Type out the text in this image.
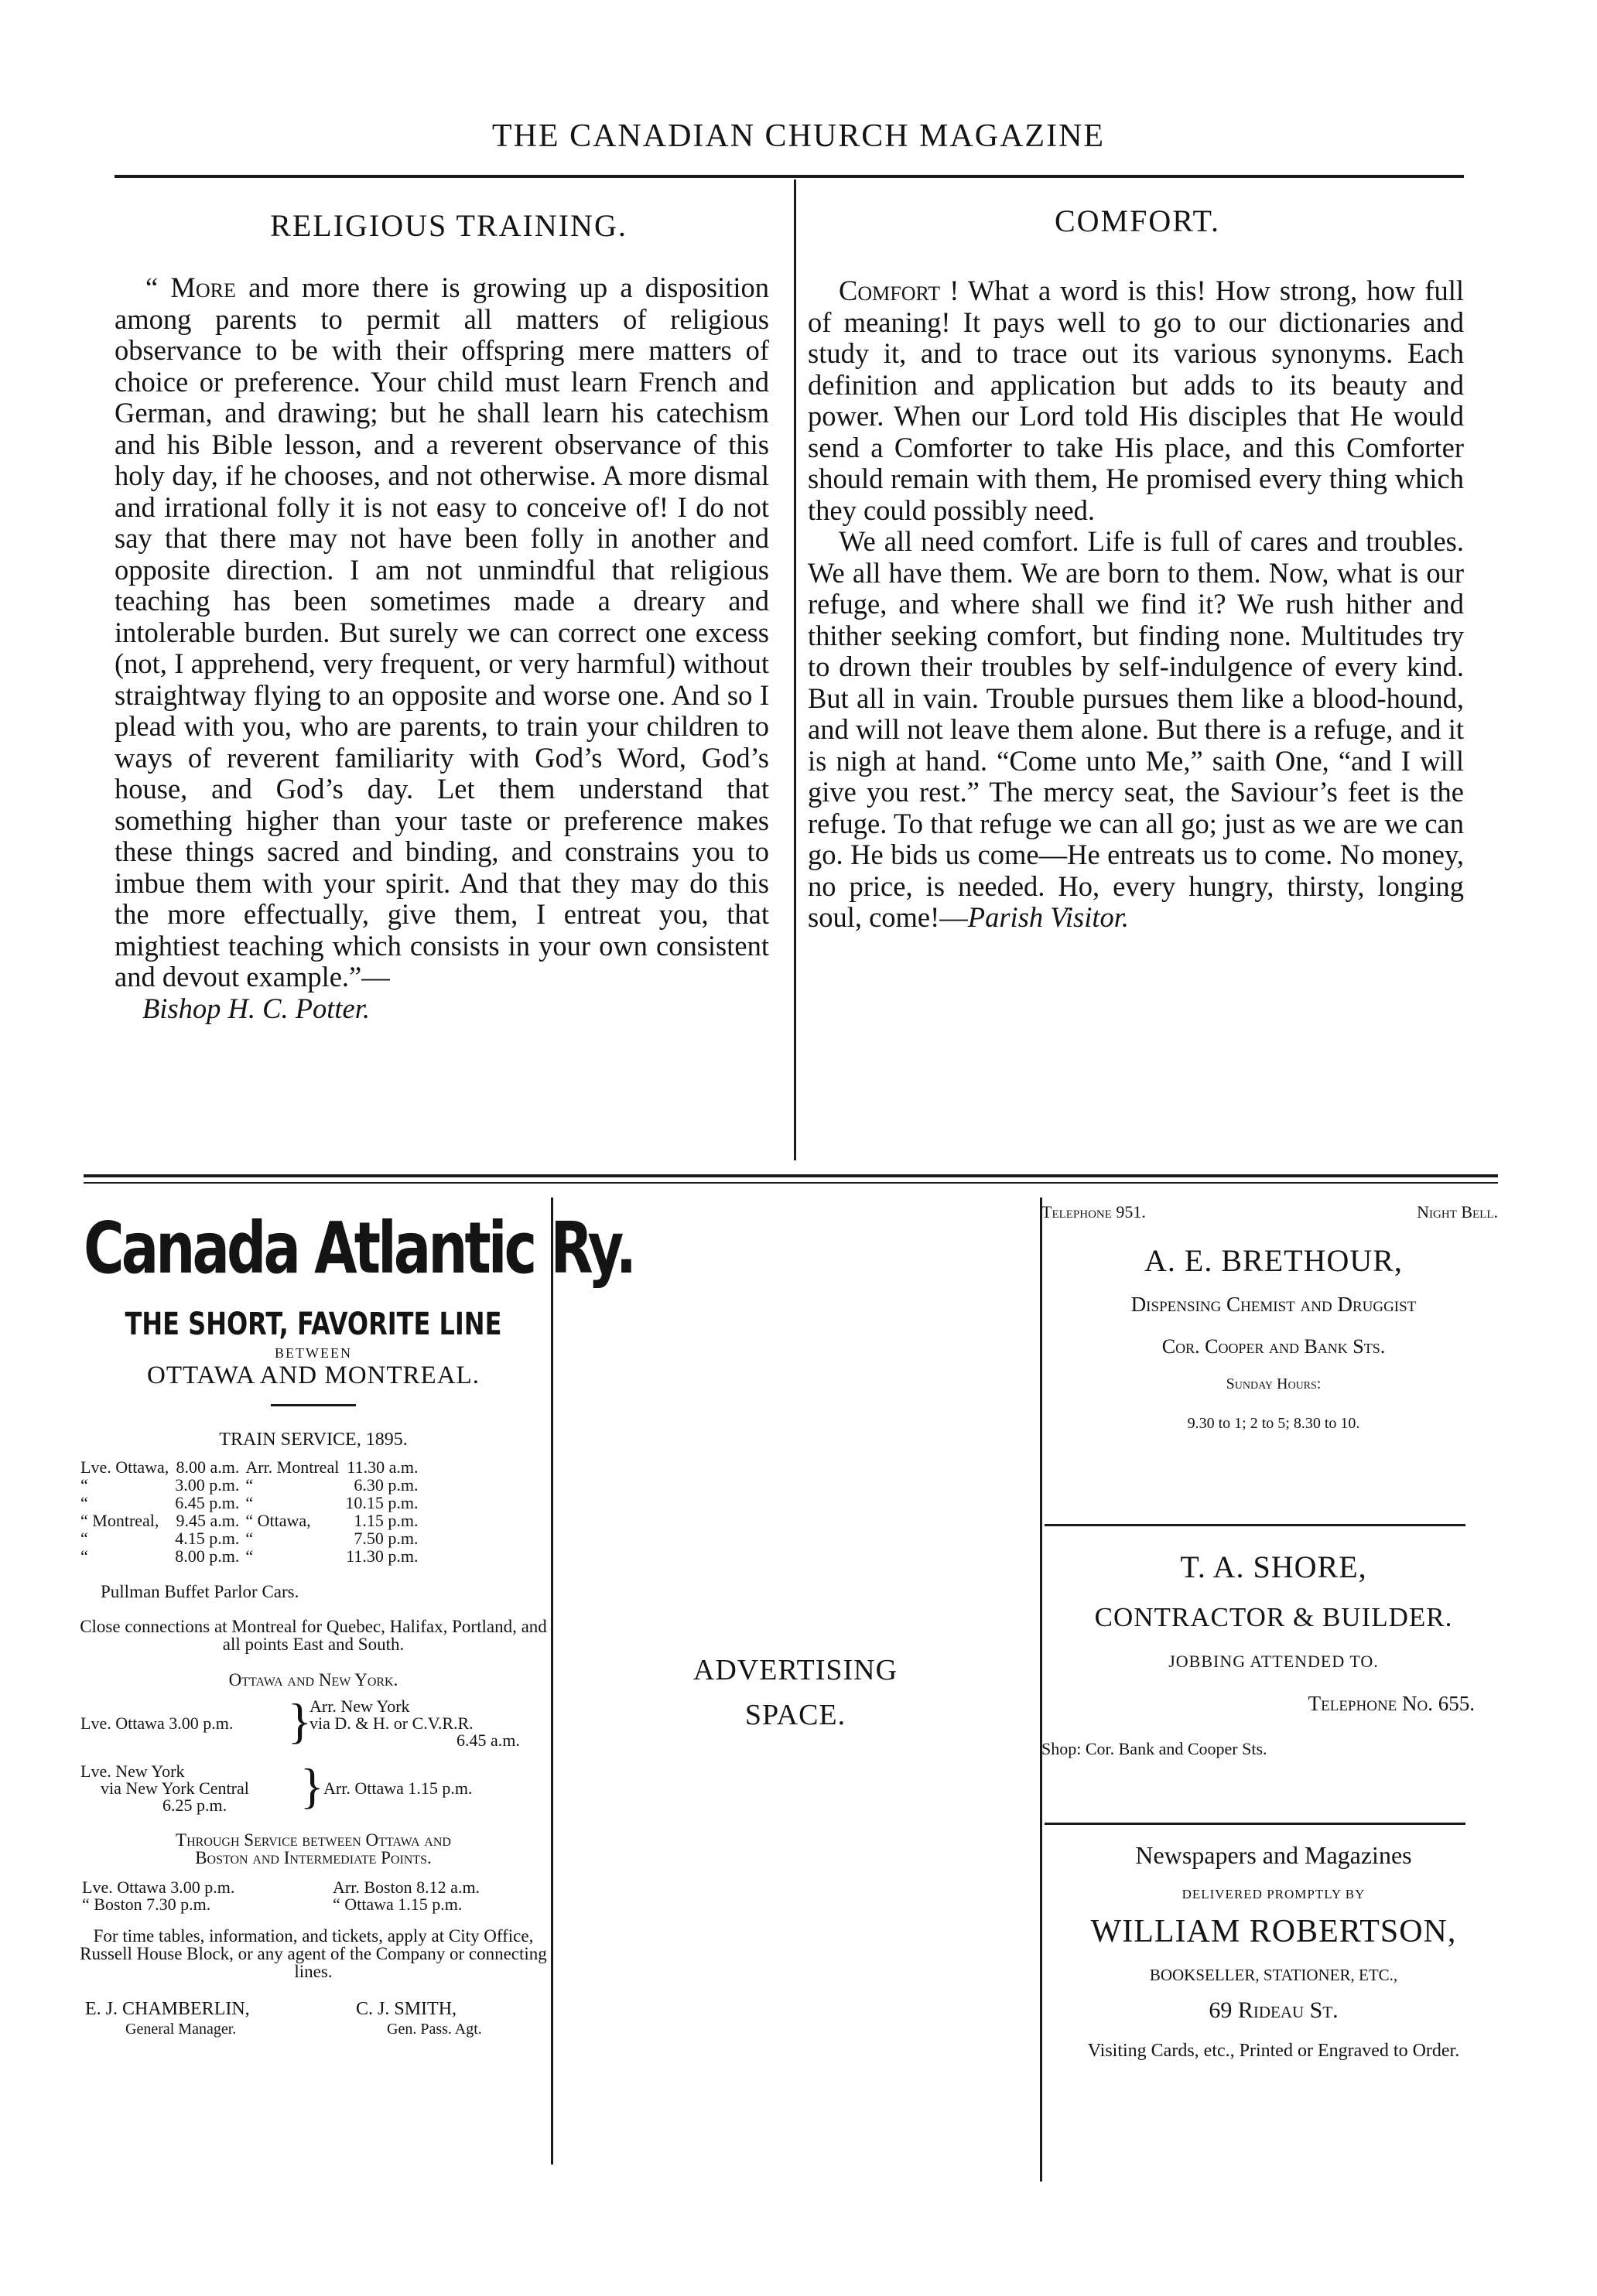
THE CANADIAN CHURCH MAGAZINE
RELIGIOUS TRAINING.

“ More and more there is growing up a disposition among parents to permit all matters of religious observance to be with their offspring mere matters of choice or preference. Your child must learn French and German, and drawing; but he shall learn his catechism and his Bible lesson, and a reverent observance of this holy day, if he chooses, and not otherwise. A more dismal and irrational folly it is not easy to conceive of! I do not say that there may not have been folly in another and opposite direction. I am not unmindful that religious teaching has been sometimes made a dreary and intolerable burden. But surely we can correct one excess (not, I apprehend, very frequent, or very harmful) without straightway flying to an opposite and worse one. And so I plead with you, who are parents, to train your children to ways of reverent familiarity with God’s Word, God’s house, and God’s day. Let them understand that something higher than your taste or preference makes these things sacred and binding, and constrains you to imbue them with your spirit. And that they may do this the more effectually, give them, I entreat you, that mightiest teaching which consists in your own consistent and devout example.”—

Bishop H. C. Potter.

COMFORT.

Comfort ! What a word is this! How strong, how full of meaning! It pays well to go to our dictionaries and study it, and to trace out its various synonyms. Each definition and application but adds to its beauty and power. When our Lord told His disciples that He would send a Comforter to take His place, and this Comforter should remain with them, He promised every thing which they could possibly need.

We all need comfort. Life is full of cares and troubles. We all have them. We are born to them. Now, what is our refuge, and where shall we find it? We rush hither and thither seeking comfort, but finding none. Multitudes try to drown their troubles by self-indulgence of every kind. But all in vain. Trouble pursues them like a blood-hound, and will not leave them alone. But there is a refuge, and it is nigh at hand. “Come unto Me,” saith One, “and I will give you rest.” The mercy seat, the Saviour’s feet is the refuge. To that refuge we can all go; just as we are we can go. He bids us come—He entreats us to come. No money, no price, is needed. Ho, every hungry, thirsty, longing soul, come!—Parish Visitor.

Canada Atlantic Ry.
THE SHORT, FAVORITE LINE
BETWEEN
OTTAWA AND MONTREAL.
TRAIN SERVICE, 1895.
Lve. Ottawa,	8.00 a.m.	Arr. Montreal	11.30 a.m.
“	3.00 p.m.	“	6.30 p.m.
“	6.45 p.m.	“	10.15 p.m.
“ Montreal,	9.45 a.m.	“ Ottawa,	1.15 p.m.
“	4.15 p.m.	“	7.50 p.m.
“	8.00 p.m.	“	11.30 p.m.
Pullman Buffet Parlor Cars.
Close connections at Montreal for Quebec, Halifax, Portland, and all points East and South.
Ottawa and New York.
Lve. Ottawa 3.00 p.m. }
Arr. New York
via D. & H. or C.V.R.R.
6.45 a.m.
Lve. New York
via New York Central
6.25 p.m. } Arr. Ottawa 1.15 p.m.
Through Service between Ottawa and
Boston and Intermediate Points.
Lve. Ottawa 3.00 p.m.	Arr. Boston 8.12 a.m.
“ Boston 7.30 p.m.	“ Ottawa 1.15 p.m.
For time tables, information, and tickets, apply at City Office, Russell House Block, or any agent of the Company or connecting lines.
E. J. CHAMBERLIN,
General Manager.
C. J. SMITH,
Gen. Pass. Agt.
ADVERTISING
SPACE.
Telephone 951.	Night Bell.
A. E. BRETHOUR,
Dispensing Chemist and Druggist
Cor. Cooper and Bank Sts.
Sunday Hours:
9.30 to 1; 2 to 5; 8.30 to 10.
T. A. SHORE,
CONTRACTOR & BUILDER.
JOBBING ATTENDED TO.
Telephone No. 655.
Shop: Cor. Bank and Cooper Sts.
Newspapers and Magazines
DELIVERED PROMPTLY BY
WILLIAM ROBERTSON,
BOOKSELLER, STATIONER, ETC.,
69 Rideau St.
Visiting Cards, etc., Printed or Engraved to Order.
